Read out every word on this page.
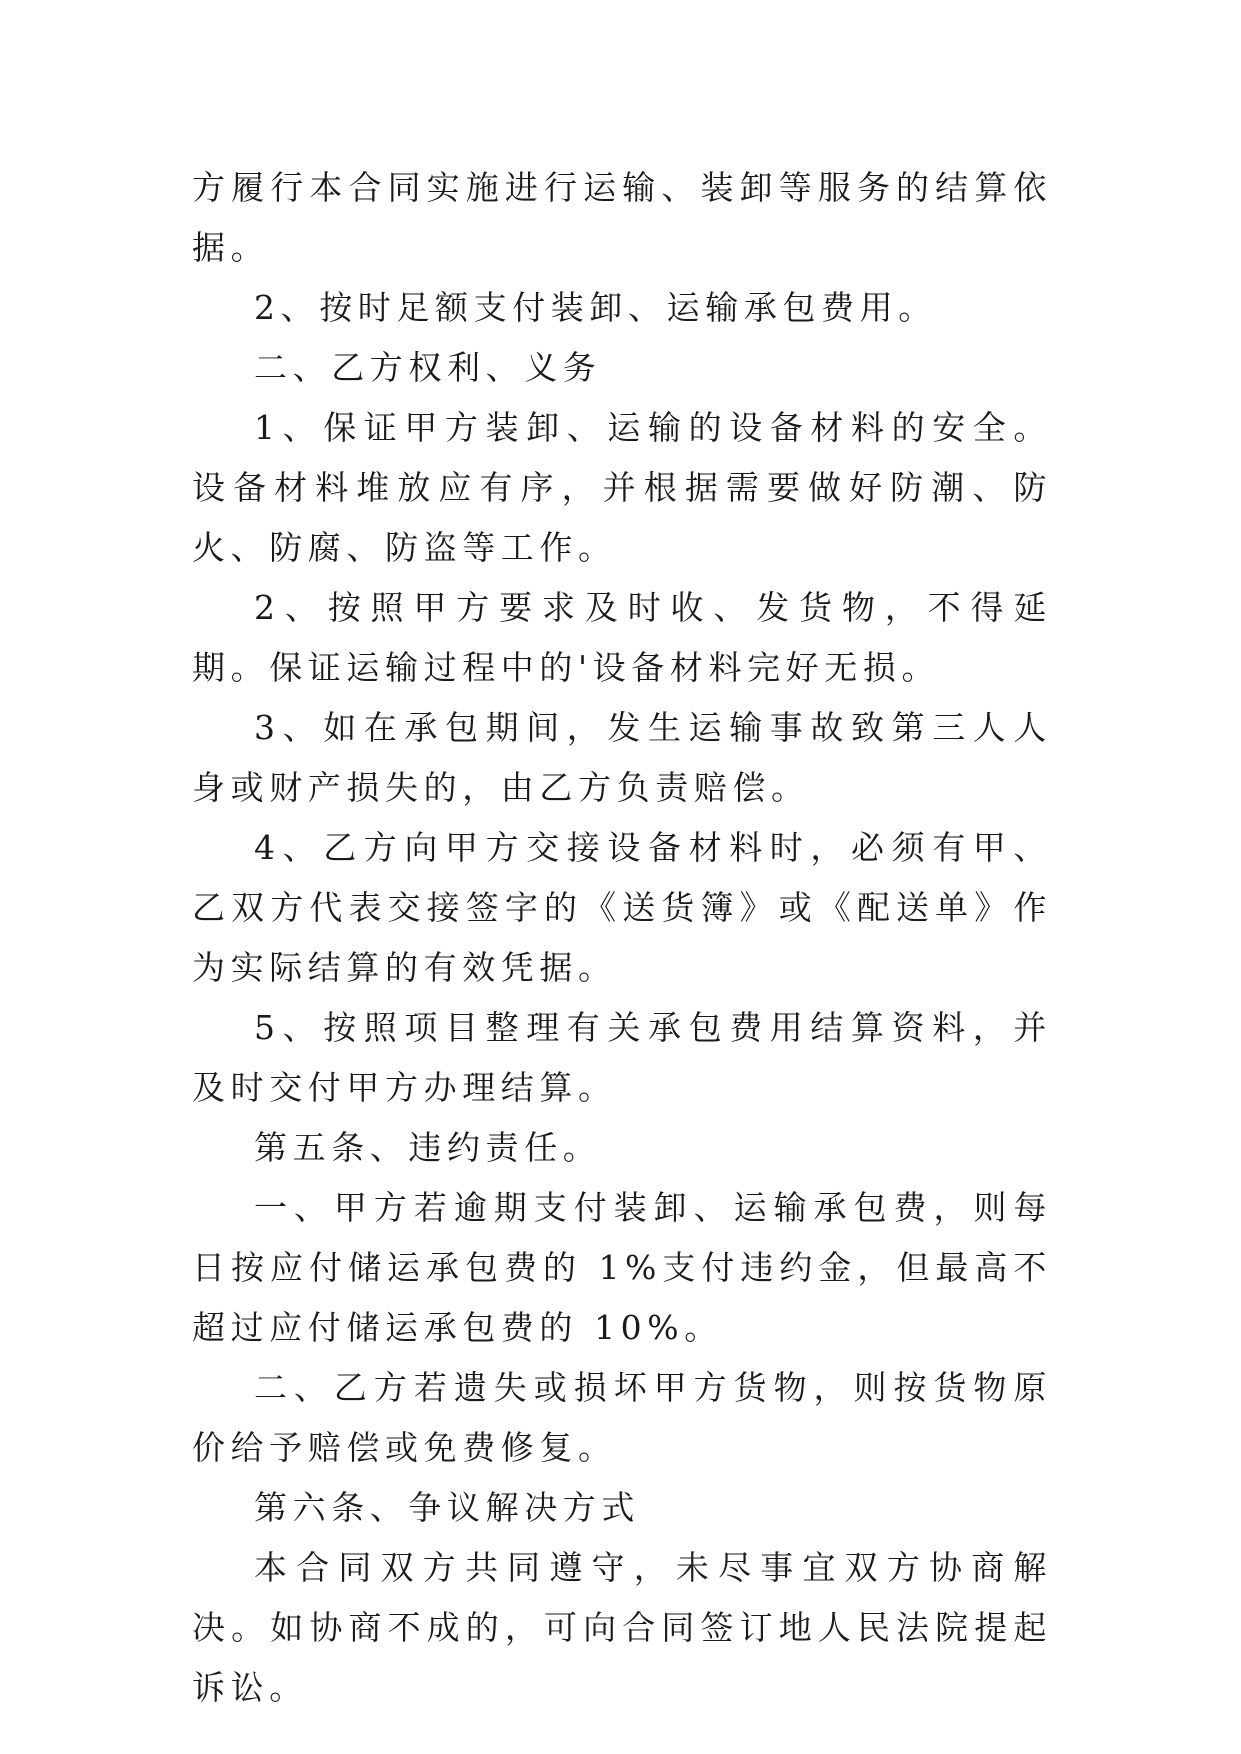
方履行本合同实施进行运输、装卸等服务的结算依据。

2、按时足额支付装卸、运输承包费用。

二、乙方权利、义务

1、保证甲方装卸、运输的设备材料的安全。设备材料堆放应有序，并根据需要做好防潮、防火、防腐、防盗等工作。

2、按照甲方要求及时收、发货物，不得延期。保证运输过程中的'设备材料完好无损。

3、如在承包期间，发生运输事故致第三人人身或财产损失的，由乙方负责赔偿。

4、乙方向甲方交接设备材料时，必须有甲、乙双方代表交接签字的《送货簿》或《配送单》作为实际结算的有效凭据。

5、按照项目整理有关承包费用结算资料，并及时交付甲方办理结算。

第五条、违约责任。

一、甲方若逾期支付装卸、运输承包费，则每日按应付储运承包费的 1%支付违约金，但最高不超过应付储运承包费的 10%。

二、乙方若遗失或损坏甲方货物，则按货物原价给予赔偿或免费修复。

第六条、争议解决方式

本合同双方共同遵守，未尽事宜双方协商解决。如协商不成的，可向合同签订地人民法院提起诉讼。
